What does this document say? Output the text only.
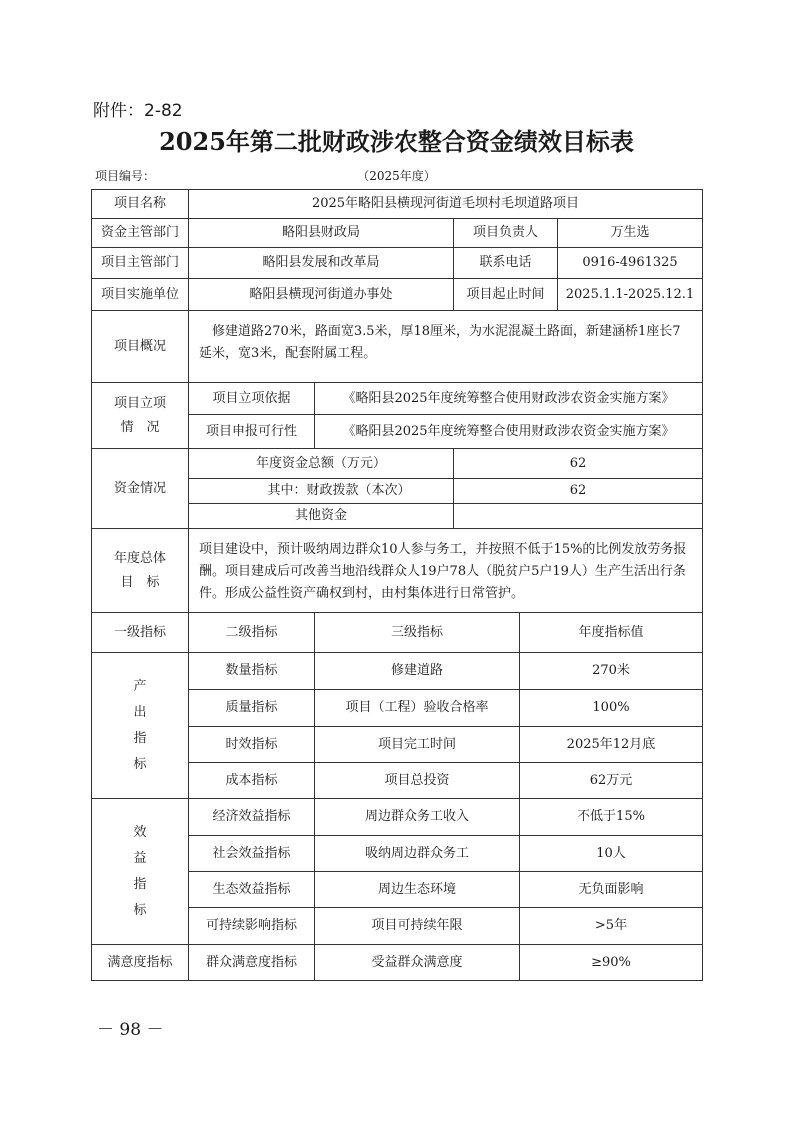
附件：2-82
2025年第二批财政涉农整合资金绩效目标表
项目编号：	（2025年度）
项目名称	2025年略阳县横现河街道毛坝村毛坝道路项目				
资金主管部门	略阳县财政局		项目负责人		万生选
项目主管部门	略阳县发展和改革局		联系电话		0916-4961325
项目实施单位	略阳县横现河街道办事处		项目起止时间		2025.1.1-2025.12.1
项目概况	修建道路270米，路面宽3.5米，厚18厘米，为水泥混凝土路面，新建涵桥1座长7延米，宽3米，配套附属工程。				

项目立项
情　况	项目立项依据	《略阳县2025年度统筹整合使用财政涉农资金实施方案》			
	项目申报可行性	《略阳县2025年度统筹整合使用财政涉农资金实施方案》			
资金情况	年度资金总额（万元）		62		
	其中：财政拨款（本次）		62		
	其他资金				

年度总体
目　标	项目建设中，预计吸纳周边群众10人参与务工，并按照不低于15%的比例发放劳务报酬。项目建成后可改善当地沿线群众人19户78人（脱贫户5户19人）生产生活出行条件。形成公益性资产确权到村，由村集体进行日常管护。				
一级指标	二级指标	三级指标		年度指标值	

产
出
指
标	数量指标	修建道路		270米	
	质量指标	项目（工程）验收合格率		100%	
	时效指标	项目完工时间		2025年12月底	
	成本指标	项目总投资		62万元	

效
益
指
标	经济效益指标	周边群众务工收入		不低于15%	
	社会效益指标	吸纳周边群众务工		10人	
	生态效益指标	周边生态环境		无负面影响	
	可持续影响指标	项目可持续年限		>5年	
满意度指标	群众满意度指标	受益群众满意度		≥90%	
－ 98 －
